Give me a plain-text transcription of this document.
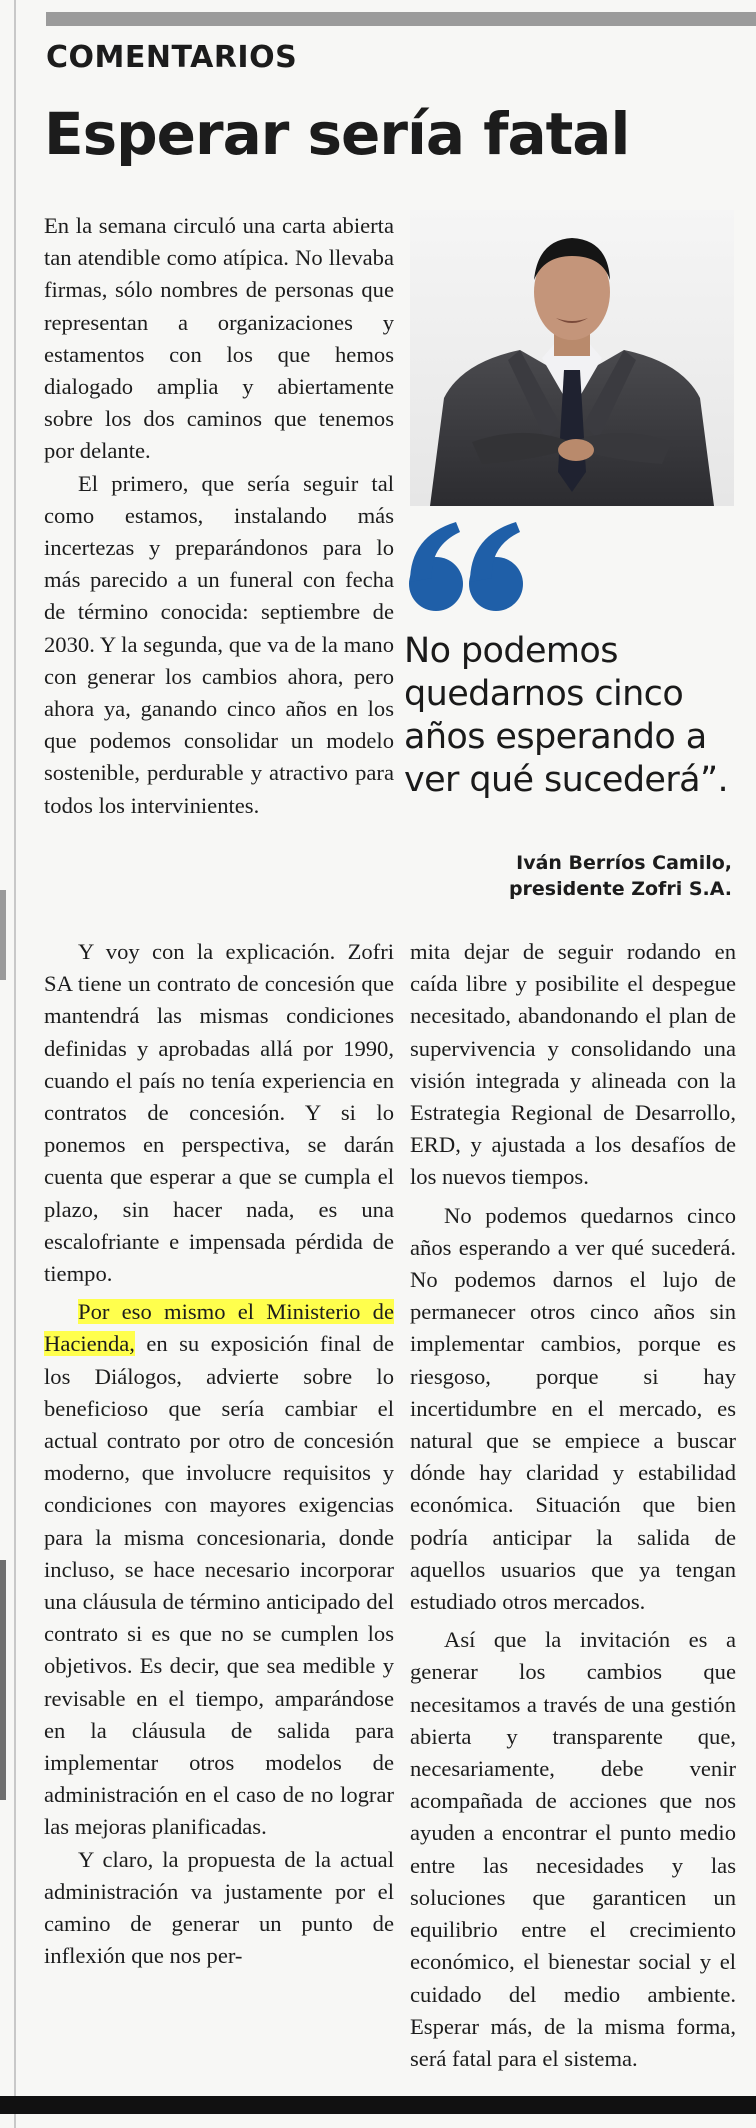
COMENTARIOS
Esperar sería fatal

En la semana circuló una carta abierta tan atendible como atípica. No llevaba firmas, sólo nombres de personas que representan a organizaciones y estamentos con los que hemos dialogado amplia y abiertamente sobre los dos caminos que tenemos por delante.

El primero, que sería seguir tal como estamos, instalando más incertezas y preparándonos para lo más parecido a un funeral con fecha de término conocida: septiembre de 2030. Y la segunda, que va de la mano con generar los cambios ahora, pero ahora ya, ganando cinco años en los que podemos consolidar un modelo sostenible, perdurable y atractivo para todos los intervinientes.

No podemos quedarnos cinco años esperando a ver qué sucederá”.
Iván Berríos Camilo,
presidente Zofri S.A.

Y voy con la explicación. Zofri SA tiene un contrato de concesión que mantendrá las mismas condiciones definidas y aprobadas allá por 1990, cuando el país no tenía experiencia en contratos de concesión. Y si lo ponemos en perspectiva, se darán cuenta que esperar a que se cumpla el plazo, sin hacer nada, es una escalofriante e impensada pérdida de tiempo.

Por eso mismo el Ministerio de Hacienda, en su exposición final de los Diálogos, advierte sobre lo beneficioso que sería cambiar el actual contrato por otro de concesión moderno, que involucre requisitos y condiciones con mayores exigencias para la misma concesionaria, donde incluso, se hace necesario incorporar una cláusula de término anticipado del contrato si es que no se cumplen los objetivos. Es decir, que sea medible y revisable en el tiempo, amparándose en la cláusula de salida para implementar otros modelos de administración en el caso de no lograr las mejoras planificadas.

Y claro, la propuesta de la actual administración va justamente por el camino de generar un punto de inflexión que nos per-

mita dejar de seguir rodando en caída libre y posibilite el despegue necesitado, abandonando el plan de supervivencia y consolidando una visión integrada y alineada con la Estrategia Regional de Desarrollo, ERD, y ajustada a los desafíos de los nuevos tiempos.

No podemos quedarnos cinco años esperando a ver qué sucederá. No podemos darnos el lujo de permanecer otros cinco años sin implementar cambios, porque es riesgoso, porque si hay incertidumbre en el mercado, es natural que se empiece a buscar dónde hay claridad y estabilidad económica. Situación que bien podría anticipar la salida de aquellos usuarios que ya tengan estudiado otros mercados.

Así que la invitación es a generar los cambios que necesitamos a través de una gestión abierta y transparente que, necesariamente, debe venir acompañada de acciones que nos ayuden a encontrar el punto medio entre las necesidades y las soluciones que garanticen un equilibrio entre el crecimiento económico, el bienestar social y el cuidado del medio ambiente. Esperar más, de la misma forma, será fatal para el sistema.
